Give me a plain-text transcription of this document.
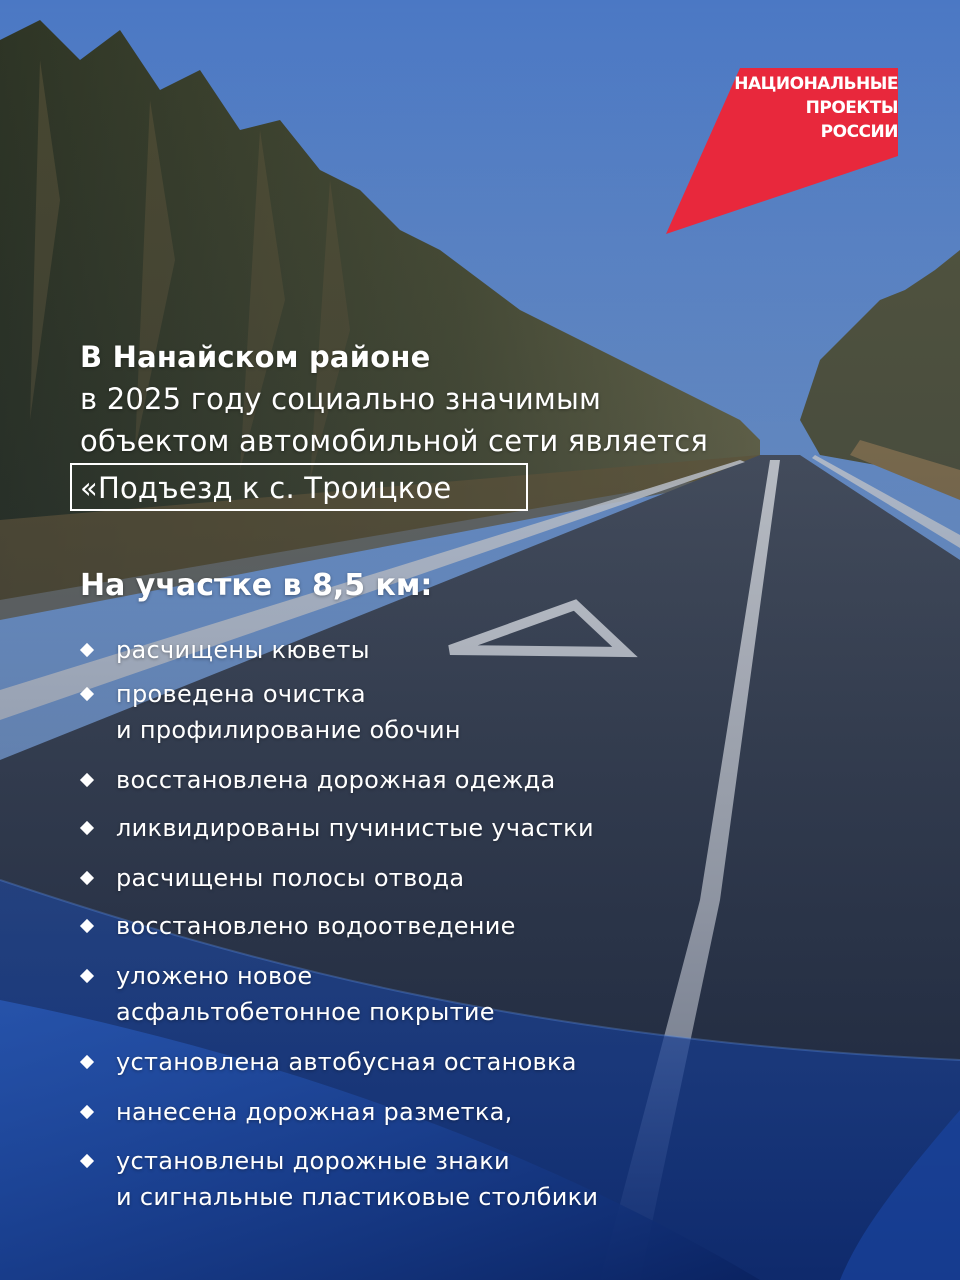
НАЦИОНАЛЬНЫЕ
ПРОЕКТЫ
РОССИИ
В Нанайском районе
в 2025 году социально значимым
объектом автомобильной сети является
«Подъезд к с. Троицкое
На участке в 8,5 км:
расчищены кюветы
проведена очистка
и профилирование обочин
восстановлена дорожная одежда
ликвидированы пучинистые участки
расчищены полосы отвода
восстановлено водоотведение
уложено новое
асфальтобетонное покрытие
установлена автобусная остановка
нанесена дорожная разметка,
установлены дорожные знаки
и сигнальные пластиковые столбики
